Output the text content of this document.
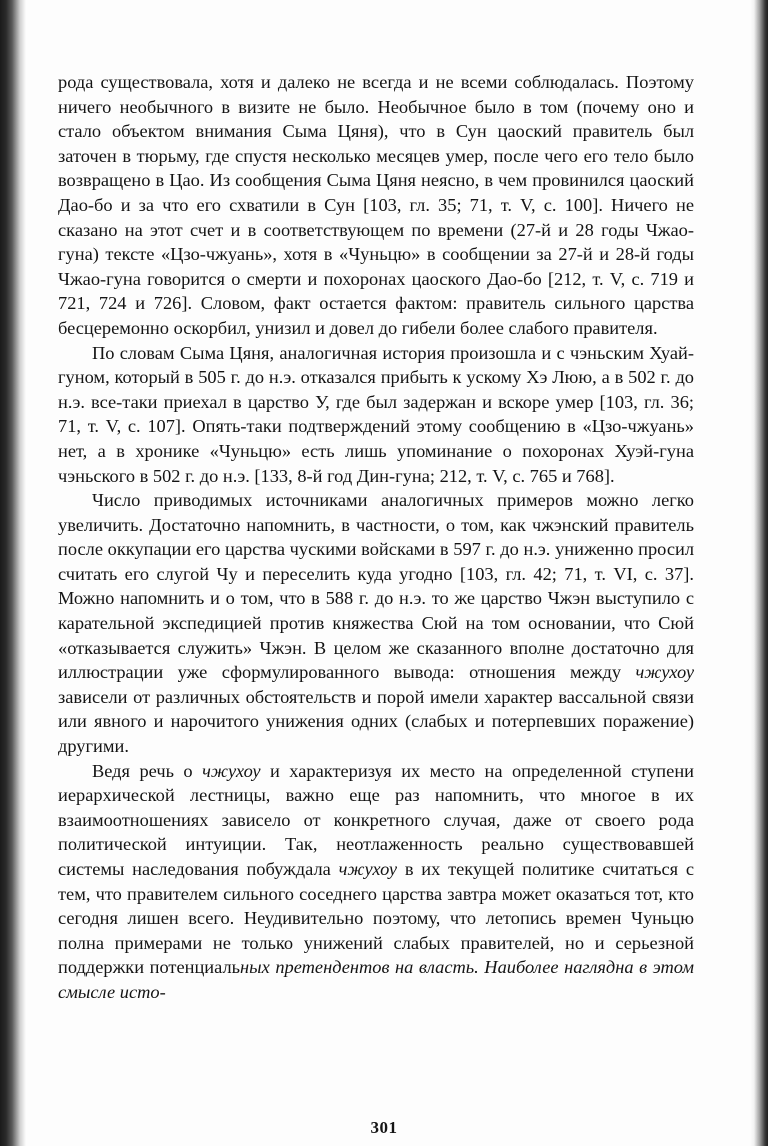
рода существовала, хотя и далеко не всегда и не всеми соблюдалась. Поэтому ничего необычного в визите не было. Необычное было в том (почему оно и стало объектом внимания Сыма Цяня), что в Сун цаоский правитель был заточен в тюрьму, где спустя несколько месяцев умер, после чего его тело было возвращено в Цао. Из сообщения Сыма Цяня неясно, в чем провинился цаоский Дао-бо и за что его схватили в Сун [103, гл. 35; 71, т. V, с. 100]. Ничего не сказано на этот счет и в соответствующем по времени (27-й и 28 годы Чжао-гуна) тексте «Цзо-чжуань», хотя в «Чуньцю» в сообщении за 27-й и 28-й годы Чжао-гуна говорится о смерти и похоронах цаоского Дао-бо [212, т. V, с. 719 и 721, 724 и 726]. Словом, факт остается фактом: правитель сильного царства бесцеремонно оскорбил, унизил и довел до гибели более слабого правителя.

По словам Сыма Цяня, аналогичная история произошла и с чэньским Хуай-гуном, который в 505 г. до н.э. отказался прибыть к ускому Хэ Люю, а в 502 г. до н.э. все-таки приехал в царство У, где был задержан и вскоре умер [103, гл. 36; 71, т. V, с. 107]. Опять-таки подтверждений этому сообщению в «Цзо-чжуань» нет, а в хронике «Чуньцю» есть лишь упоминание о похоронах Хуэй-гуна чэньского в 502 г. до н.э. [133, 8-й год Дин-гуна; 212, т. V, с. 765 и 768].

Число приводимых источниками аналогичных примеров можно легко увеличить. Достаточно напомнить, в частности, о том, как чжэнский правитель после оккупации его царства чускими войсками в 597 г. до н.э. униженно просил считать его слугой Чу и переселить куда угодно [103, гл. 42; 71, т. VI, с. 37]. Можно напомнить и о том, что в 588 г. до н.э. то же царство Чжэн выступило с карательной экспедицией против княжества Сюй на том основании, что Сюй «отказывается служить» Чжэн. В целом же сказанного вполне достаточно для иллюстрации уже сформулированного вывода: отношения между чжухоу зависели от различных обстоятельств и порой имели характер вассальной связи или явного и нарочитого унижения одних (слабых и потерпевших поражение) другими.

Ведя речь о чжухоу и характеризуя их место на определенной ступени иерархической лестницы, важно еще раз напомнить, что многое в их взаимоотношениях зависело от конкретного случая, даже от своего рода политической интуиции. Так, неотлаженность реально существовавшей системы наследования побуждала чжухоу в их текущей политике считаться с тем, что правителем сильного соседнего царства завтра может оказаться тот, кто сегодня лишен всего. Неудивительно поэтому, что летопись времен Чуньцю полна примерами не только унижений слабых правителей, но и серьезной поддержки потенциальных претендентов на власть. Наиболее наглядна в этом смысле исто-

301
